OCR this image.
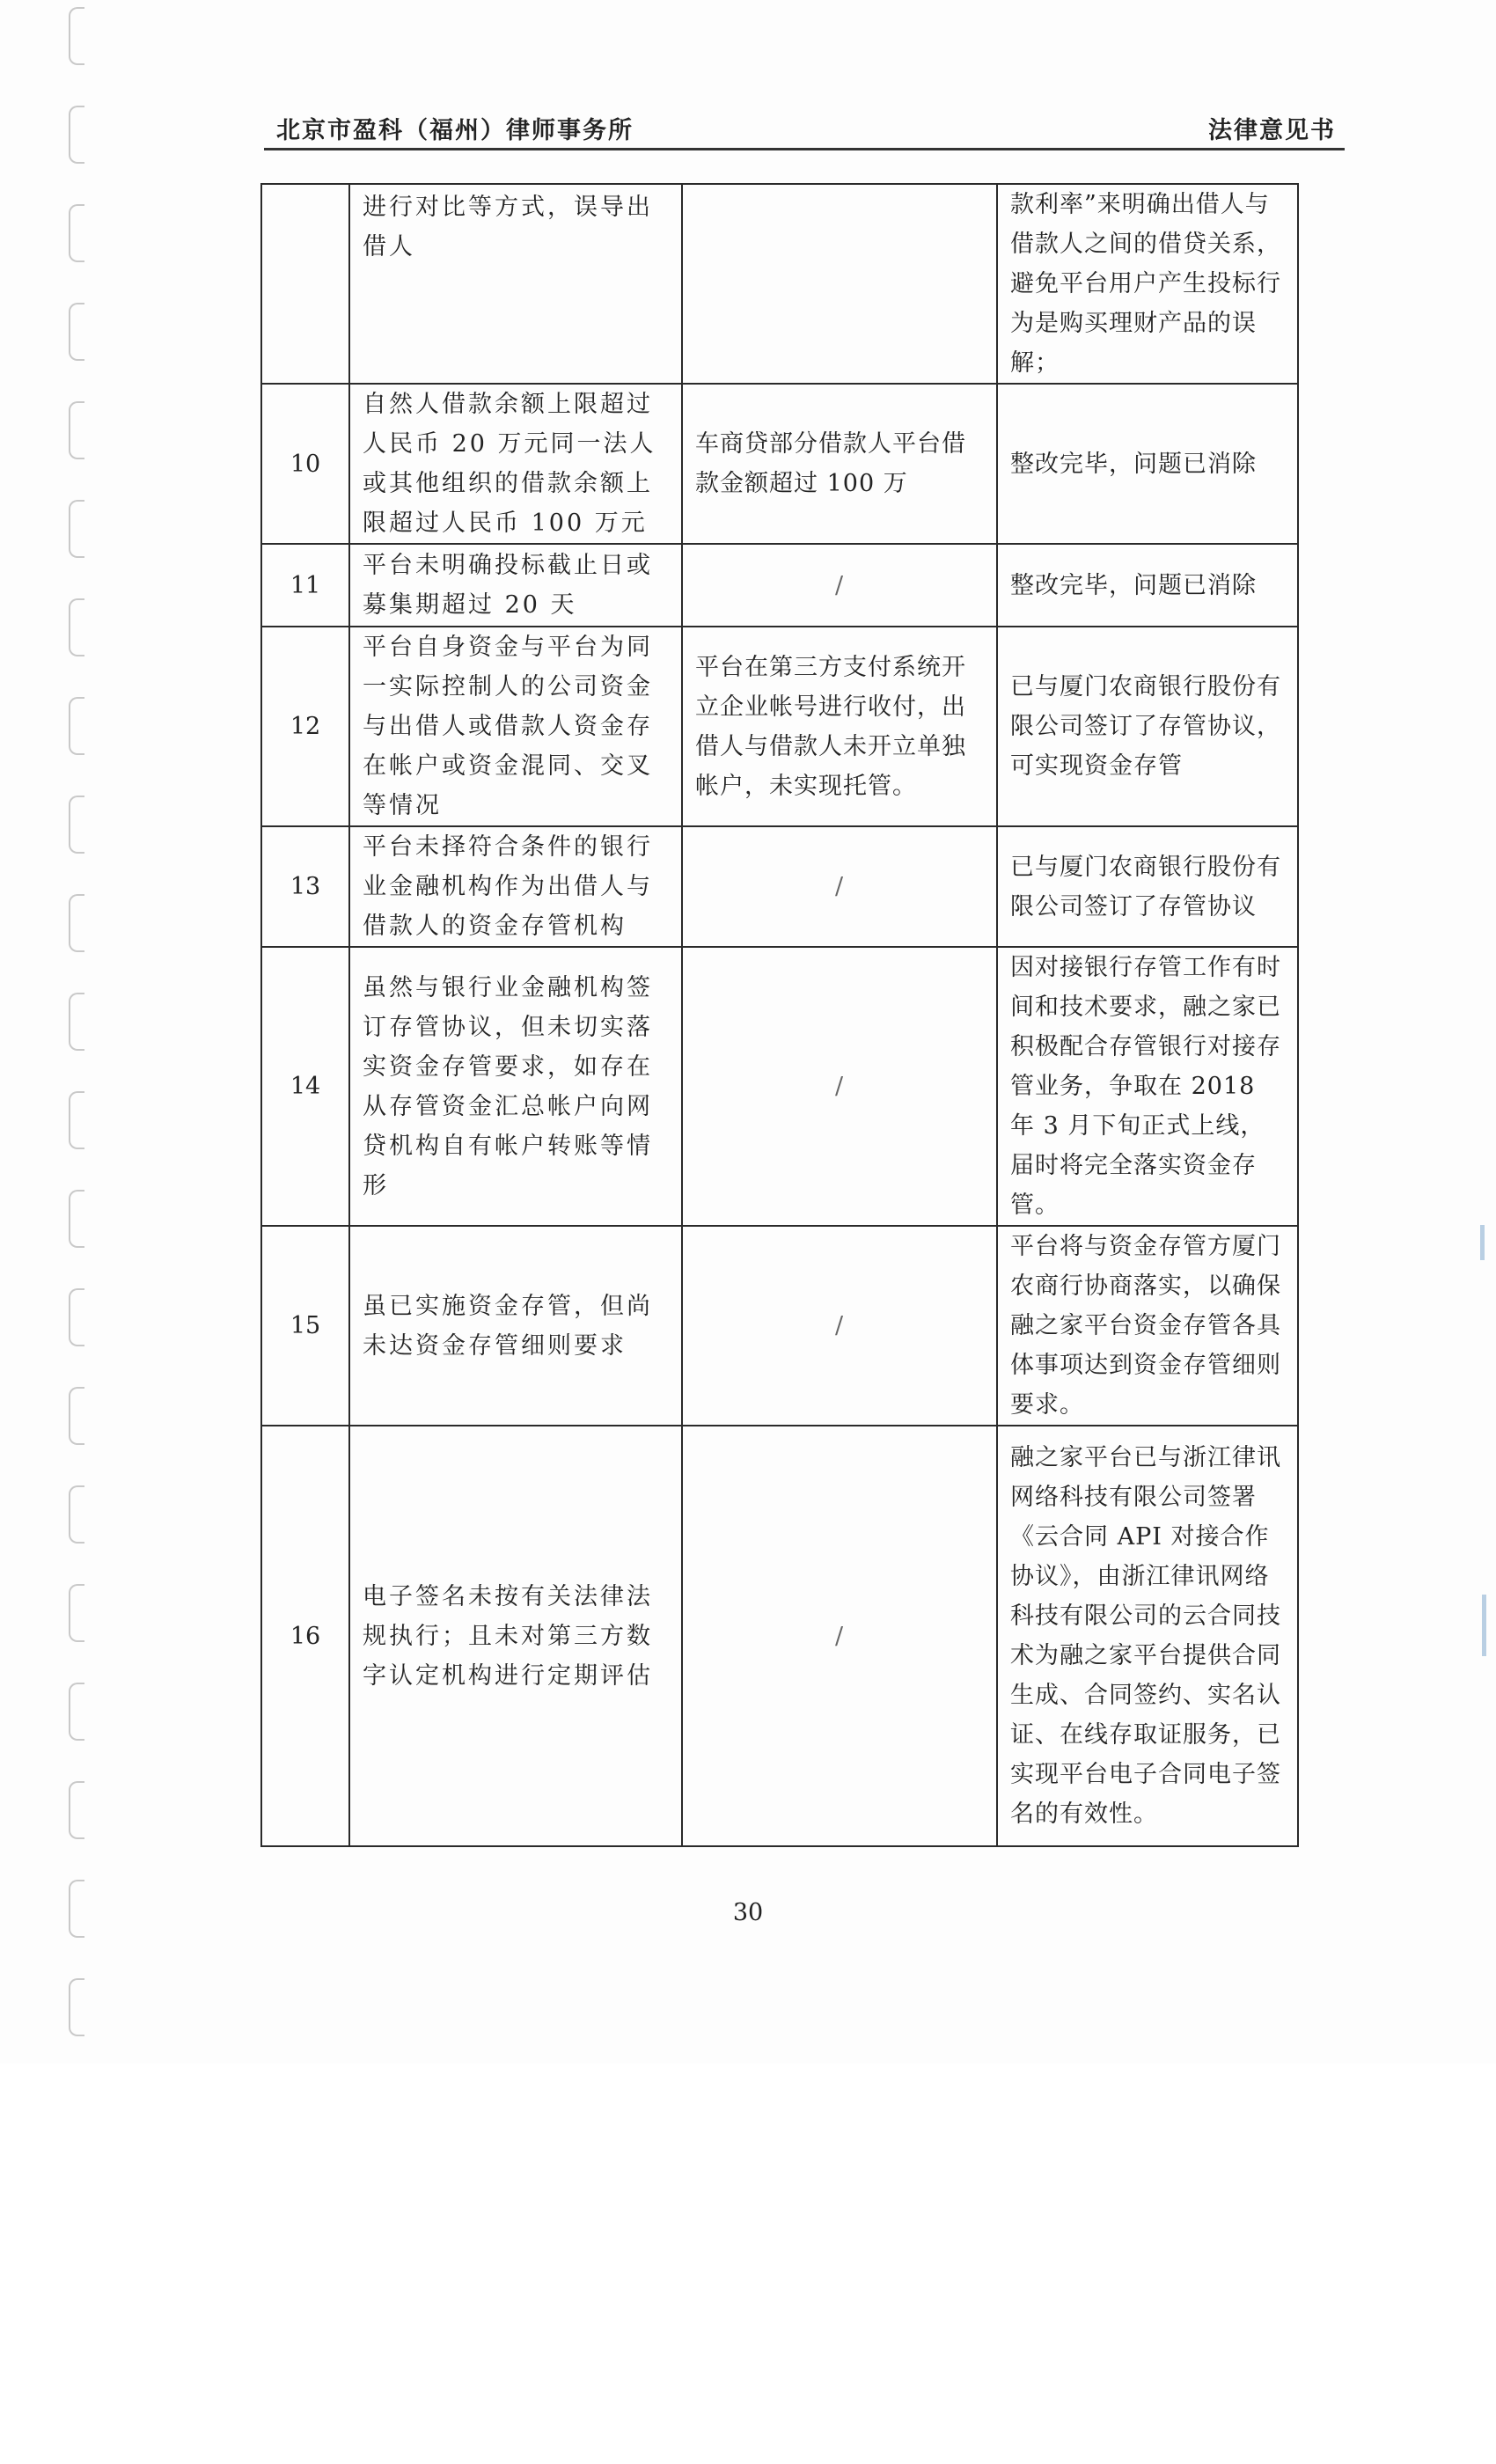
北京市盈科（福州）律师事务所	法律意见书
	进行对比等方式，误导出借人		款利率”来明确出借人与借款人之间的借贷关系，避免平台用户产生投标行为是购买理财产品的误解；
10	自然人借款余额上限超过人民币 20 万元同一法人或其他组织的借款余额上限超过人民币 100 万元	车商贷部分借款人平台借款金额超过 100 万	整改完毕，问题已消除
11	平台未明确投标截止日或募集期超过 20 天	/	整改完毕，问题已消除
12	平台自身资金与平台为同一实际控制人的公司资金与出借人或借款人资金存在帐户或资金混同、交叉等情况	平台在第三方支付系统开立企业帐号进行收付，出借人与借款人未开立单独帐户，未实现托管。	已与厦门农商银行股份有限公司签订了存管协议，可实现资金存管
13	平台未择符合条件的银行业金融机构作为出借人与借款人的资金存管机构	/	已与厦门农商银行股份有限公司签订了存管协议
14	虽然与银行业金融机构签订存管协议，但未切实落实资金存管要求，如存在从存管资金汇总帐户向网贷机构自有帐户转账等情形	/	因对接银行存管工作有时间和技术要求，融之家已积极配合存管银行对接存管业务，争取在 2018 年 3 月下旬正式上线，届时将完全落实资金存管。
15	虽已实施资金存管，但尚未达资金存管细则要求	/	平台将与资金存管方厦门农商行协商落实，以确保融之家平台资金存管各具体事项达到资金存管细则要求。
16	电子签名未按有关法律法规执行；且未对第三方数字认定机构进行定期评估	/	融之家平台已与浙江律讯网络科技有限公司签署《云合同 API 对接合作协议》，由浙江律讯网络科技有限公司的云合同技术为融之家平台提供合同生成、合同签约、实名认证、在线存取证服务，已实现平台电子合同电子签名的有效性。
30
